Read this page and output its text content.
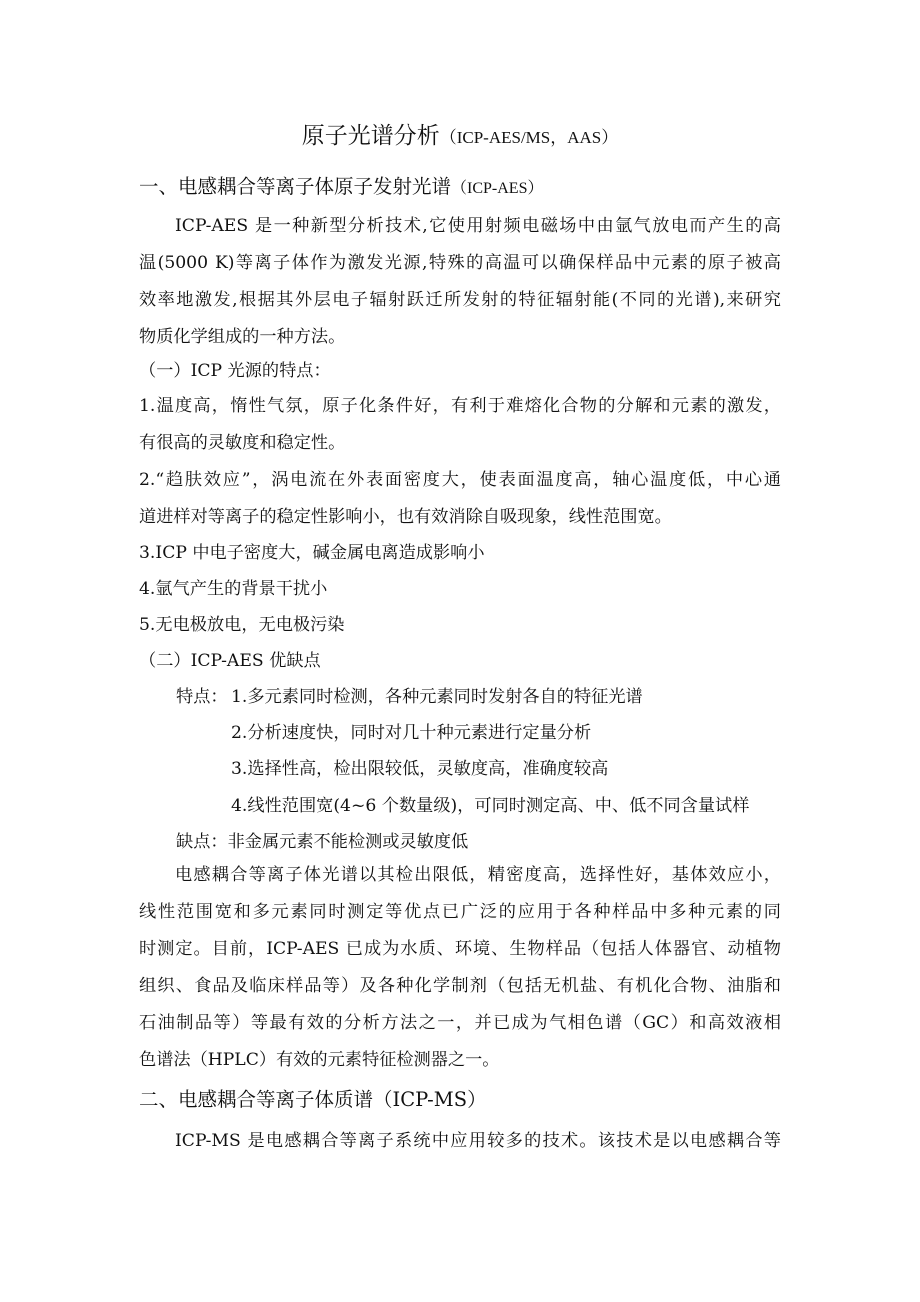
原子光谱分析（ICP-AES/MS，AAS）
一、电感耦合等离子体原子发射光谱（ICP-AES）
ICP-AES 是一种新型分析技术,它使用射频电磁场中由氩气放电而产生的高
温(5000 K)等离子体作为激发光源,特殊的高温可以确保样品中元素的原子被高
效率地激发,根据其外层电子辐射跃迁所发射的特征辐射能(不同的光谱),来研究
物质化学组成的一种方法。
（一）ICP 光源的特点：
1.温度高，惰性气氛，原子化条件好，有利于难熔化合物的分解和元素的激发，
有很高的灵敏度和稳定性。
2.“趋肤效应”，涡电流在外表面密度大，使表面温度高，轴心温度低，中心通
道进样对等离子的稳定性影响小，也有效消除自吸现象，线性范围宽。
3.ICP 中电子密度大，碱金属电离造成影响小
4.氩气产生的背景干扰小
5.无电极放电，无电极污染
（二）ICP-AES 优缺点
特点： 1.多元素同时检测，各种元素同时发射各自的特征光谱
2.分析速度快，同时对几十种元素进行定量分析
3.选择性高，检出限较低，灵敏度高，准确度较高
4.线性范围宽(4~6 个数量级)，可同时测定高、中、低不同含量试样
缺点：非金属元素不能检测或灵敏度低
电感耦合等离子体光谱以其检出限低，精密度高，选择性好，基体效应小，
线性范围宽和多元素同时测定等优点已广泛的应用于各种样品中多种元素的同
时测定。目前，ICP-AES 已成为水质、环境、生物样品（包括人体器官、动植物
组织、食品及临床样品等）及各种化学制剂（包括无机盐、有机化合物、油脂和
石油制品等）等最有效的分析方法之一，并已成为气相色谱（GC）和高效液相
色谱法（HPLC）有效的元素特征检测器之一。
二、电感耦合等离子体质谱（ICP-MS）
ICP-MS 是电感耦合等离子系统中应用较多的技术。该技术是以电感耦合等
